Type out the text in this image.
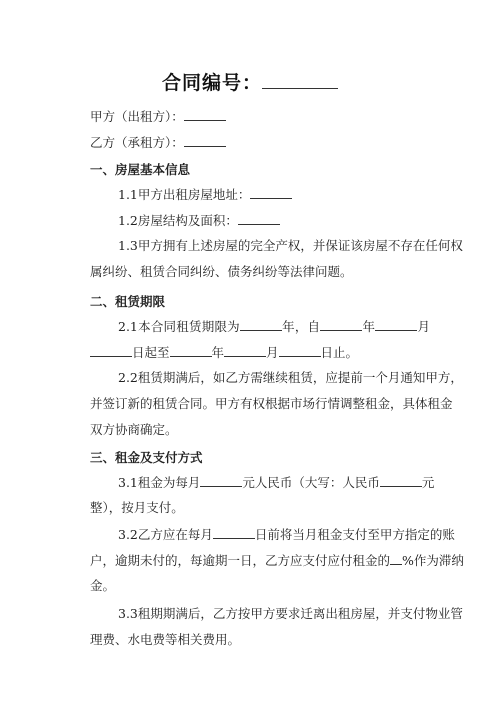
合同编号：
甲方（出租方）：
乙方（承租方）：
一、房屋基本信息
1.1甲方出租房屋地址：
1.2房屋结构及面积：
1.3甲方拥有上述房屋的完全产权，并保证该房屋不存在任何权
属纠纷、租赁合同纠纷、债务纠纷等法律问题。
二、租赁期限
2.1本合同租赁期限为	年，自	年	月
日起至	年	月	日止。
2.2租赁期满后，如乙方需继续租赁，应提前一个月通知甲方，
并签订新的租赁合同。甲方有权根据市场行情调整租金，具体租金
双方协商确定。
三、租金及支付方式
3.1租金为每月	元人民币（大写：人民币	元
整），按月支付。
3.2乙方应在每月	日前将当月租金支付至甲方指定的账
户，逾期未付的，每逾期一日，乙方应支付应付租金的 %作为滞纳
金。
3.3租期期满后，乙方按甲方要求迁离出租房屋，并支付物业管
理费、水电费等相关费用。
